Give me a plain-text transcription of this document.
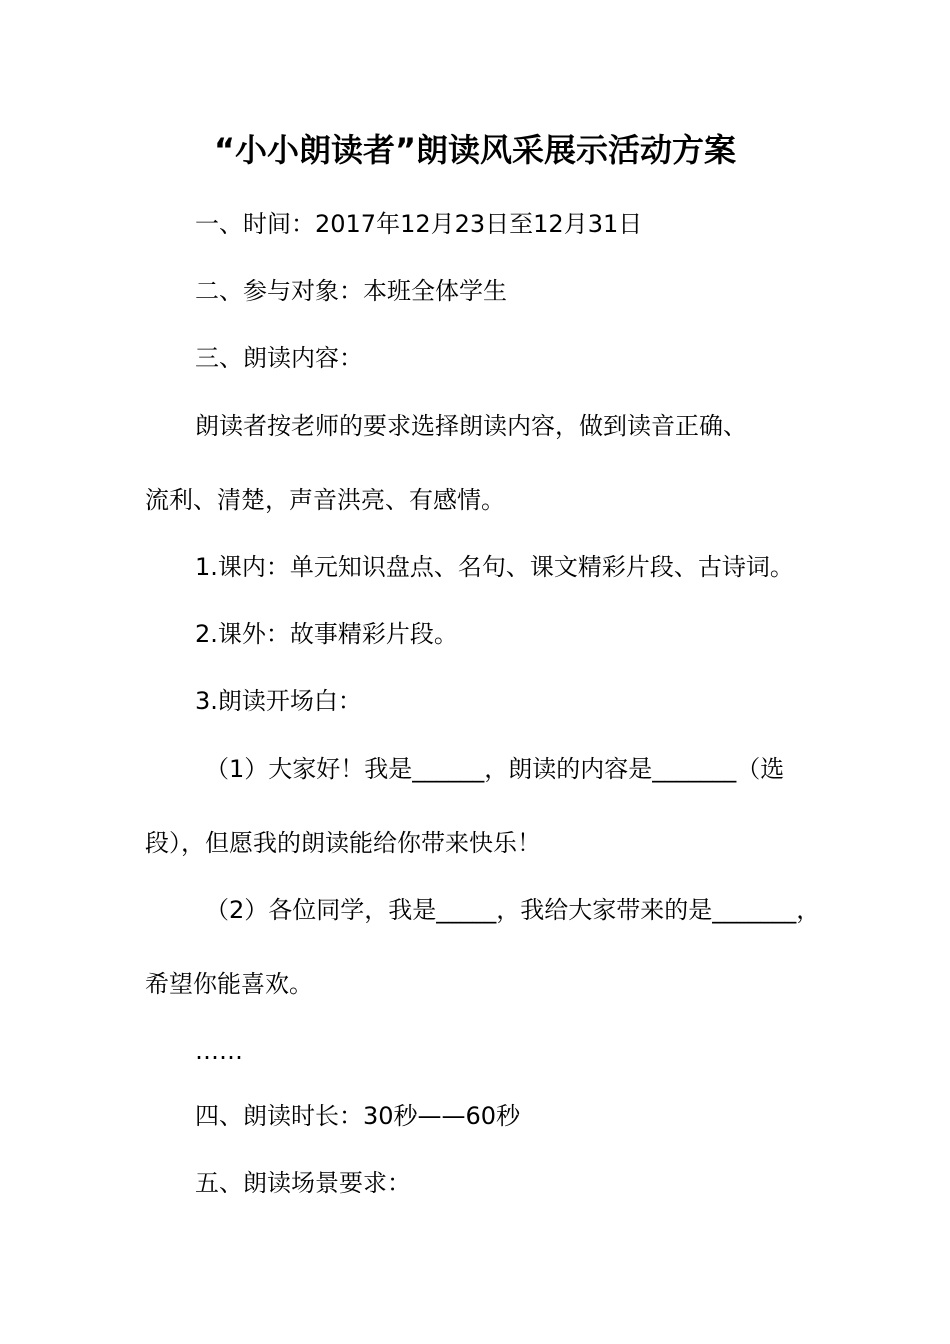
“小小朗读者”朗读风采展示活动方案
一、时间：2017年12月23日至12月31日
二、参与对象：本班全体学生
三、朗读内容：
朗读者按老师的要求选择朗读内容，做到读音正确、
流利、清楚，声音洪亮、有感情。
1.课内：单元知识盘点、名句、课文精彩片段、古诗词。
2.课外：故事精彩片段。
3.朗读开场白：
（1）大家好！我是______，朗读的内容是_______（选
段），但愿我的朗读能给你带来快乐！
（2）各位同学，我是_____，我给大家带来的是_______，
希望你能喜欢。
……
四、朗读时长：30秒——60秒
五、朗读场景要求：
